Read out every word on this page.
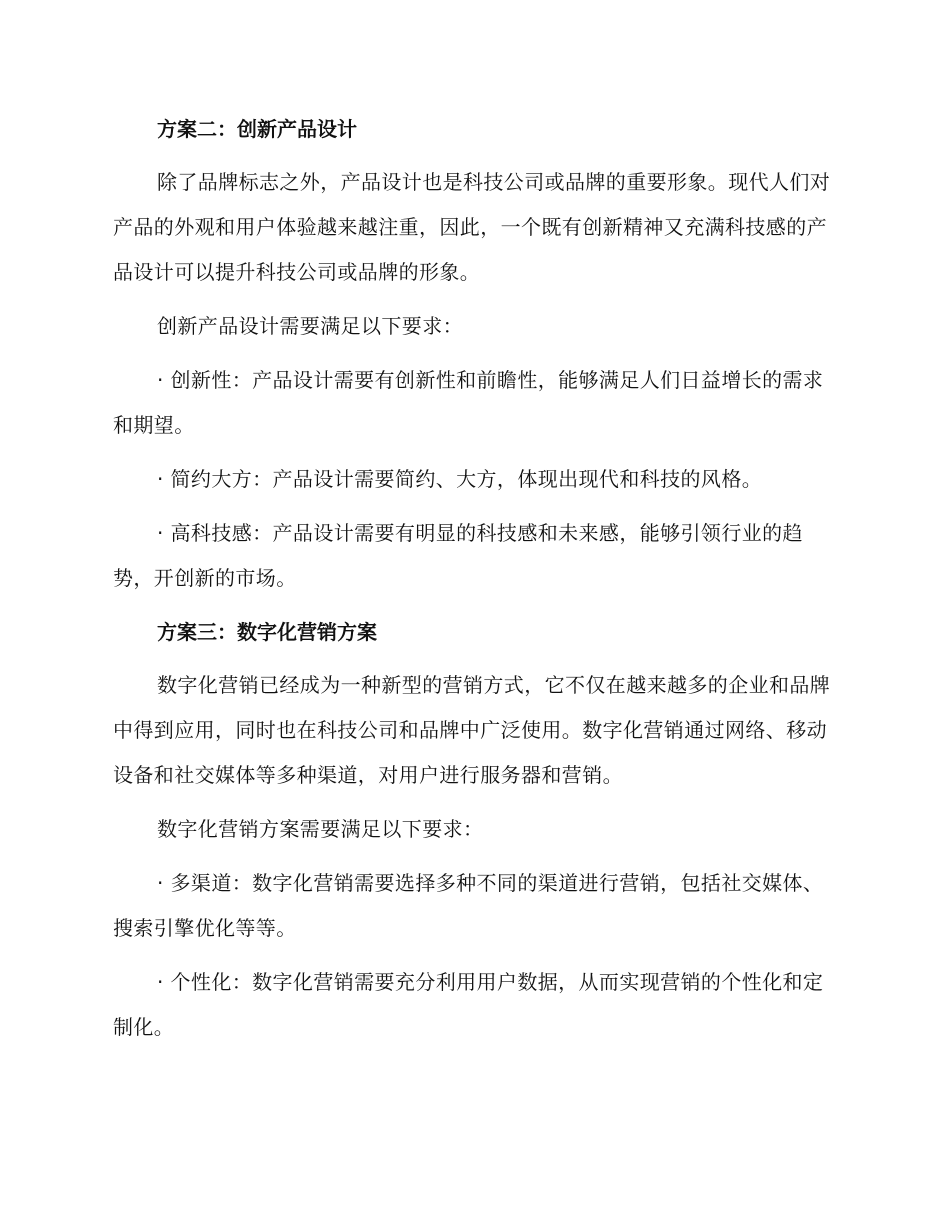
方案二：创新产品设计

除了品牌标志之外，产品设计也是科技公司或品牌的重要形象。现代人们对产品的外观和用户体验越来越注重，因此，一个既有创新精神又充满科技感的产品设计可以提升科技公司或品牌的形象。

创新产品设计需要满足以下要求：

· 创新性：产品设计需要有创新性和前瞻性，能够满足人们日益增长的需求和期望。

· 简约大方：产品设计需要简约、大方，体现出现代和科技的风格。

· 高科技感：产品设计需要有明显的科技感和未来感，能够引领行业的趋势，开创新的市场。

方案三：数字化营销方案

数字化营销已经成为一种新型的营销方式，它不仅在越来越多的企业和品牌中得到应用，同时也在科技公司和品牌中广泛使用。数字化营销通过网络、移动设备和社交媒体等多种渠道，对用户进行服务器和营销。

数字化营销方案需要满足以下要求：

· 多渠道：数字化营销需要选择多种不同的渠道进行营销，包括社交媒体、搜索引擎优化等等。

· 个性化：数字化营销需要充分利用用户数据，从而实现营销的个性化和定制化。
